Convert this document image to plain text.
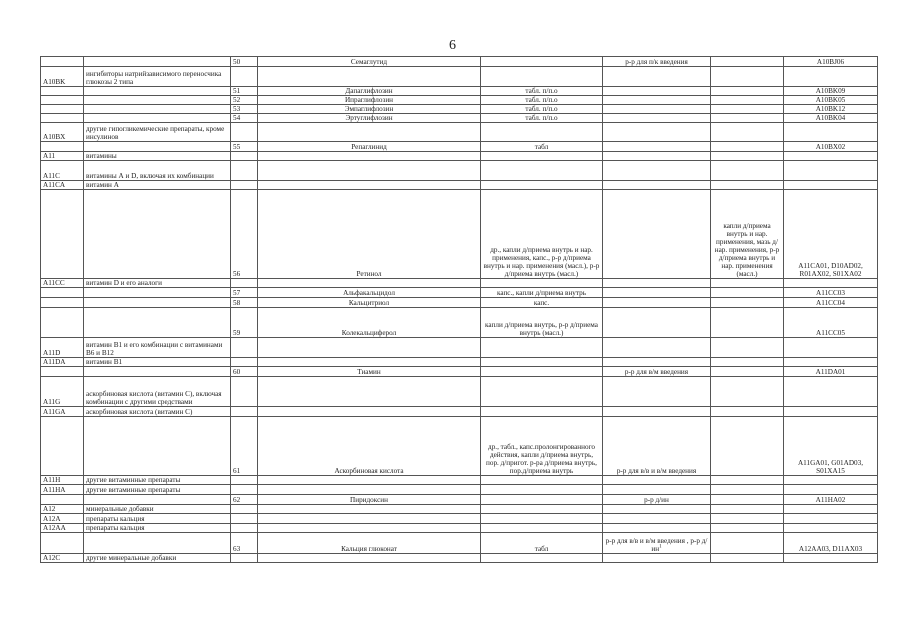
6
		50	Семаглутид		р-р для п/к введения		A10BJ06
A10BK	ингибиторы натрийзависимого переносчика глюкозы 2 типа						
		51	Дапаглифлозин	табл. п/п.о			A10BK09
		52	Ипраглифлозин	табл. п/п.о			A10BK05
		53	Эмпаглифлозин	табл. п/п.о			A10BK12
		54	Эртуглифлозин	табл. п/п.о			A10BK04
A10BX	другие гипогликемические препараты, кроме инсулинов						
		55	Репаглинид	табл			A10BX02
A11	витамины						
A11C	витамины А и D, включая их комбинации						
A11CA	витамин А						
		56	Ретинол	др., капли д/приема внутрь и нар. применения, капс., р-р д/приема внутрь и нар. применения (масл.), р-р д/приема внутрь (масл.)		капли д/приема внутрь и нар. применения, мазь д/нар. применения, р-р д/приема внутрь и нар. применения (масл.)	A11CA01, D10AD02, R01AX02, S01XA02
A11CC	витамин D и его аналоги						
		57	Альфакальцидол	капс., капли д/приема внутрь			A11CC03
		58	Кальцитриол	капс.			A11CC04
		59	Колекальциферол	капли д/приема внутрь, р-р д/приема внутрь (масл.)			A11CC05
A11D	витамин В1 и его комбинации с витаминами В6 и В12						
A11DA	витамин В1						
		60	Тиамин		р-р для в/м введения		A11DA01
A11G	аскорбиновая кислота (витамин С), включая комбинации с другими средствами						
A11GA	аскорбиновая кислота (витамин С)						
		61	Аскорбиновая кислота	др., табл., капс.пролонгированного действия, капли д/приема внутрь, пор. д/пригот. р-ра д/приема внутрь, пор.д/приема внутрь	р-р для в/в и в/м введения		A11GA01, G01AD03, S01XA15
A11H	другие витаминные препараты						
A11HA	другие витаминные препараты						
		62	Пиридоксин		р-р д/ин		A11HA02
A12	минеральные добавки						
A12A	препараты кальция						
A12AA	препараты кальция						
		63	Кальция глюконат	табл	р-р для в/в и в/м введения , р-р $д/ин^1$		A12AA03, D11AX03
A12C	другие минеральные добавки						
